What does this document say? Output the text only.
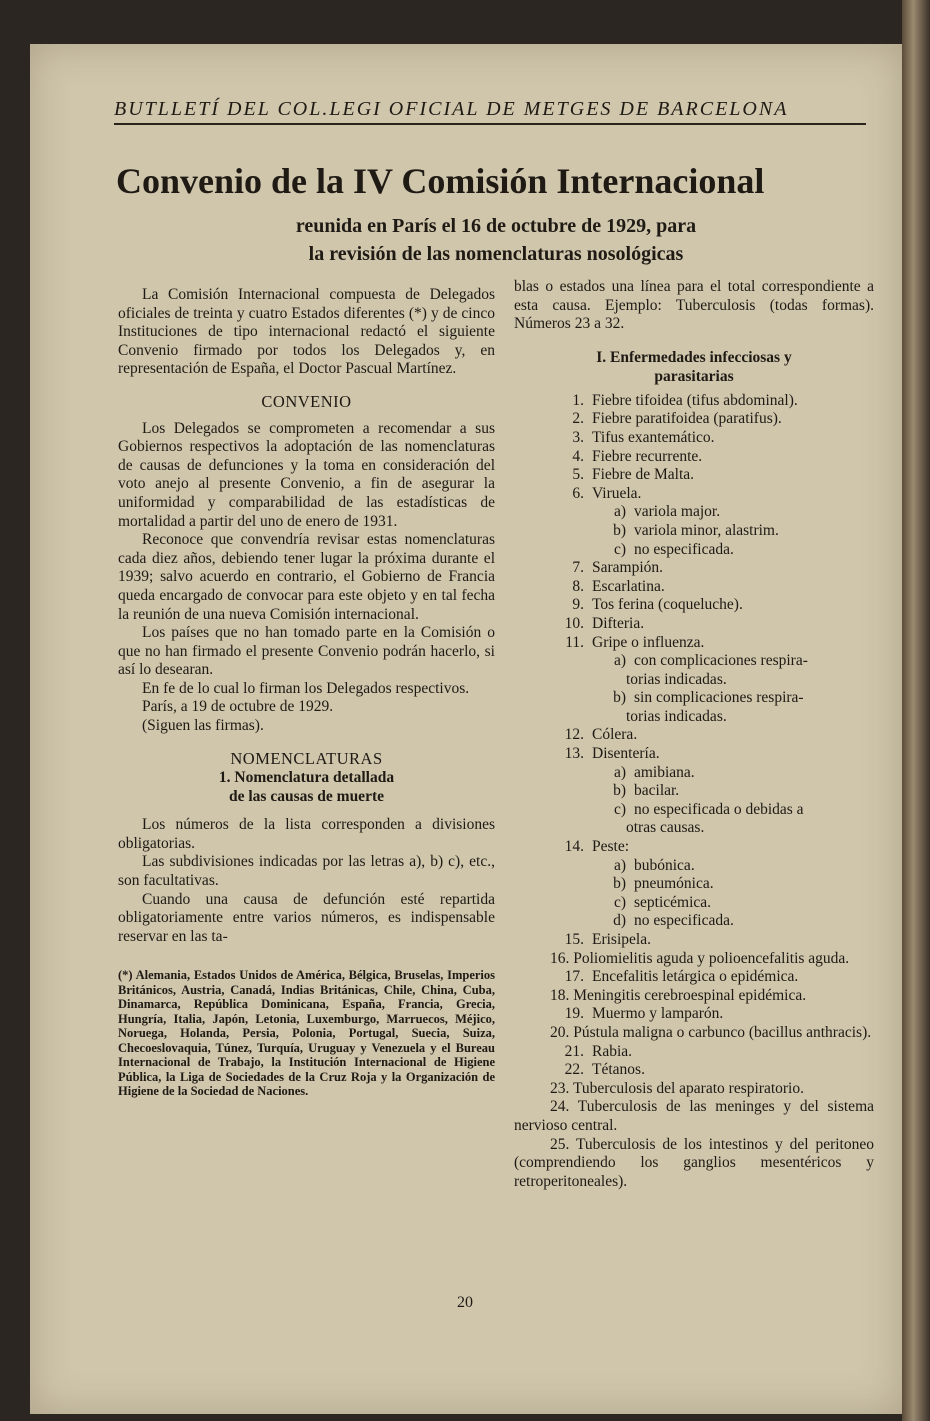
BUTLLETÍ DEL COL.LEGI OFICIAL DE METGES DE BARCELONA
Convenio de la IV Comisión Internacional
reunida en París el 16 de octubre de 1929, para
la revisión de las nomenclaturas nosológicas

La Comisión Internacional compuesta de Delegados oficiales de treinta y cuatro Estados diferentes (*) y de cinco Instituciones de tipo internacional redactó el siguiente Convenio firmado por todos los Delegados y, en representación de España, el Doctor Pascual Martínez.

CONVENIO

Los Delegados se comprometen a recomendar a sus Gobiernos respectivos la adoptación de las nomenclaturas de causas de defunciones y la toma en consideración del voto anejo al presente Convenio, a fin de asegurar la uniformidad y comparabilidad de las estadísticas de mortalidad a partir del uno de enero de 1931.

Reconoce que convendría revisar estas nomenclaturas cada diez años, debiendo tener lugar la próxima durante el 1939; salvo acuerdo en contrario, el Gobierno de Francia queda encargado de convocar para este objeto y en tal fecha la reunión de una nueva Comisión internacional.

Los países que no han tomado parte en la Comisión o que no han firmado el presente Convenio podrán hacerlo, si así lo desearan.

En fe de lo cual lo firman los Delegados respectivos.

París, a 19 de octubre de 1929.

(Siguen las firmas).

NOMENCLATURAS
1. Nomenclatura detallada
de las causas de muerte

Los números de la lista corresponden a divisiones obligatorias.

Las subdivisiones indicadas por las letras a), b) c), etc., son facultativas.

Cuando una causa de defunción esté repartida obligatoriamente entre varios números, es indispensable reservar en las ta-

(*) Alemania, Estados Unidos de América, Bélgica, Bruselas, Imperios Británicos, Austria, Canadá, Indias Británicas, Chile, China, Cuba, Dinamarca, República Dominicana, España, Francia, Grecia, Hungría, Italia, Japón, Letonia, Luxemburgo, Marruecos, Méjico, Noruega, Holanda, Persia, Polonia, Portugal, Suecia, Suiza, Checoeslovaquia, Túnez, Turquía, Uruguay y Venezuela y el Bureau Internacional de Trabajo, la Institución Internacional de Higiene Pública, la Liga de Sociedades de la Cruz Roja y la Organización de Higiene de la Sociedad de Naciones.

blas o estados una línea para el total correspondiente a esta causa. Ejemplo: Tuberculosis (todas formas). Números 23 a 32.

I. Enfermedades infecciosas y
parasitarias
1. Fiebre tifoidea (tifus abdominal).
2. Fiebre paratifoidea (paratifus).
3. Tifus exantemático.
4. Fiebre recurrente.
5. Fiebre de Malta.
6. Viruela.
a) variola major.
b) variola minor, alastrim.
c) no especificada.
7. Sarampión.
8. Escarlatina.
9. Tos ferina (coqueluche).
10. Difteria.
11. Gripe o influenza.
a) con complicaciones respira-
torias indicadas.
b) sin complicaciones respira-
torias indicadas.
12. Cólera.
13. Disentería.
a) amibiana.
b) bacilar.
c) no especificada o debidas a
otras causas.
14. Peste:
a) bubónica.
b) pneumónica.
c) septicémica.
d) no especificada.
15. Erisipela.
16. Poliomielitis aguda y polioencefalitis aguda.
17. Encefalitis letárgica o epidémica.
18. Meningitis cerebroespinal epidémica.
19. Muermo y lamparón.
20. Pústula maligna o carbunco (bacillus anthracis).
21. Rabia.
22. Tétanos.
23. Tuberculosis del aparato respiratorio.
24. Tuberculosis de las meninges y del sistema nervioso central.
25. Tuberculosis de los intestinos y del peritoneo (comprendiendo los ganglios mesentéricos y retroperitoneales).
20
